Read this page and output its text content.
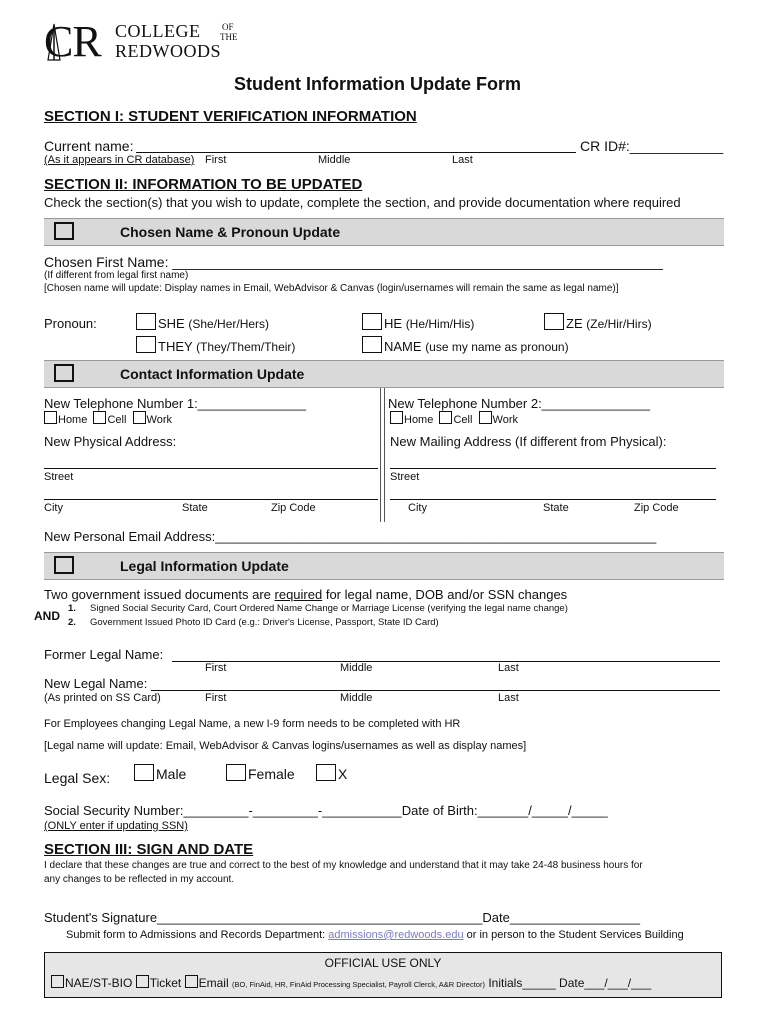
CR COLLEGE OF
THE
REDWOODS
Student Information Update Form
SECTION I: STUDENT VERIFICATION INFORMATION
Current name:	CR ID#:____________
(As it appears in CR database) First	Middle	Last
SECTION II: INFORMATION TO BE UPDATED
Check the section(s) that you wish to update, complete the section, and provide documentation where required
Chosen Name & Pronoun Update
Chosen First Name: _______________________________________________________________
(If different from legal first name)
[Chosen name will update: Display names in Email, WebAdvisor & Canvas (login/usernames will remain the same as legal name)]
Pronoun:	SHE (She/Her/Hers)	HE (He/Him/His)	ZE (Ze/Hir/Hirs)
THEY (They/Them/Their)	NAME (use my name as pronoun)
Contact Information Update
New Telephone Number 1:_______________
Home Cell Work
New Telephone Number 2:_______________
Home Cell Work
New Physical Address:	New Mailing Address (If different from Physical):
Street	Street
City	State	Zip Code	City	State	Zip Code
New Personal Email Address:_____________________________________________________________
Legal Information Update
Two government issued documents are required for legal name, DOB and/or SSN changes
AND
1. Signed Social Security Card, Court Ordered Name Change or Marriage License (verifying the legal name change)
2. Government Issued Photo ID Card (e.g.: Driver's License, Passport, State ID Card)
Former Legal Name:
First	Middle	Last
New Legal Name:
(As printed on SS Card)	First	Middle	Last
For Employees changing Legal Name, a new I-9 form needs to be completed with HR
[Legal name will update: Email, WebAdvisor & Canvas logins/usernames as well as display names]
Legal Sex:	Male	Female	X
Social Security Number:_________-_________-___________Date of Birth:_______/_____/_____
(ONLY enter if updating SSN)
SECTION III: SIGN AND DATE
I declare that these changes are true and correct to the best of my knowledge and understand that it may take 24-48 business hours for
any changes to be reflected in my account.
Student's Signature_____________________________________________Date__________________
Submit form to Admissions and Records Department: admissions@redwoods.edu or in person to the Student Services Building
OFFICIAL USE ONLY
NAE/ST-BIO Ticket Email (BO, FinAid, HR, FinAid Processing Specialist, Payroll Clerck, A&R Director) Initials_____ Date___/___/___
